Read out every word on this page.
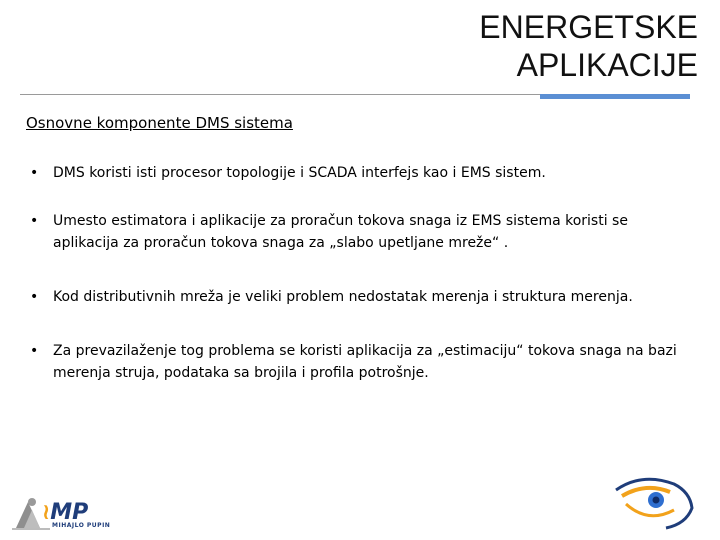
ENERGETSKE
APLIKACIJE
Osnovne komponente DMS sistema
• DMS koristi isti procesor topologije i SCADA interfejs kao i EMS sistem.
• Umesto estimatora i aplikacije za proračun tokova snaga iz EMS sistema koristi se aplikacija za proračun tokova snaga za „slabo upetljane mreže“ .
• Kod distributivnih mreža je veliki problem nedostatak merenja i struktura merenja.
• Za prevazilaženje tog problema se koristi aplikacija za „estimaciju“ tokova snaga na bazi merenja struja, podataka sa brojila i profila potrošnje.
≀MP
MIHAJLO PUPIN
